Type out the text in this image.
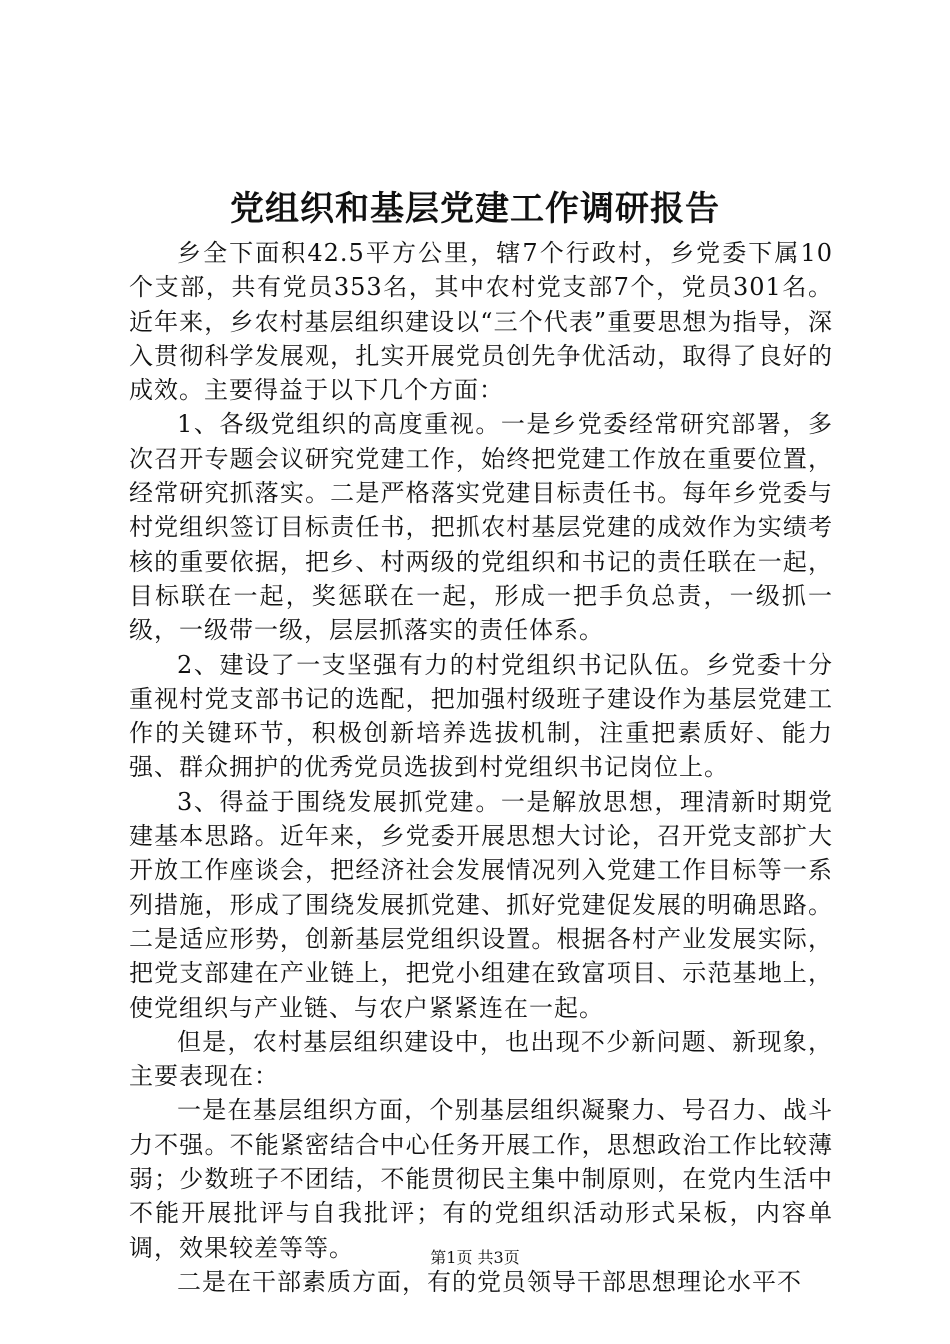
党组织和基层党建工作调研报告

乡全下面积42.5平方公里，辖7个行政村，乡党委下属10个支部，共有党员353名，其中农村党支部7个，党员301名。近年来，乡农村基层组织建设以“三个代表”重要思想为指导，深入贯彻科学发展观，扎实开展党员创先争优活动，取得了良好的成效。主要得益于以下几个方面：

1、各级党组织的高度重视。一是乡党委经常研究部署，多次召开专题会议研究党建工作，始终把党建工作放在重要位置，经常研究抓落实。二是严格落实党建目标责任书。每年乡党委与村党组织签订目标责任书，把抓农村基层党建的成效作为实绩考核的重要依据，把乡、村两级的党组织和书记的责任联在一起，目标联在一起，奖惩联在一起，形成一把手负总责，一级抓一级，一级带一级，层层抓落实的责任体系。

2、建设了一支坚强有力的村党组织书记队伍。乡党委十分重视村党支部书记的选配，把加强村级班子建设作为基层党建工作的关键环节，积极创新培养选拔机制，注重把素质好、能力强、群众拥护的优秀党员选拔到村党组织书记岗位上。

3、得益于围绕发展抓党建。一是解放思想，理清新时期党建基本思路。近年来，乡党委开展思想大讨论，召开党支部扩大开放工作座谈会，把经济社会发展情况列入党建工作目标等一系列措施，形成了围绕发展抓党建、抓好党建促发展的明确思路。二是适应形势，创新基层党组织设置。根据各村产业发展实际，把党支部建在产业链上，把党小组建在致富项目、示范基地上，使党组织与产业链、与农户紧紧连在一起。

但是，农村基层组织建设中，也出现不少新问题、新现象，主要表现在：

一是在基层组织方面，个别基层组织凝聚力、号召力、战斗力不强。不能紧密结合中心任务开展工作，思想政治工作比较薄弱；少数班子不团结，不能贯彻民主集中制原则，在党内生活中不能开展批评与自我批评；有的党组织活动形式呆板，内容单调，效果较差等等。

二是在干部素质方面，有的党员领导干部思想理论水平不

第1页 共3页
